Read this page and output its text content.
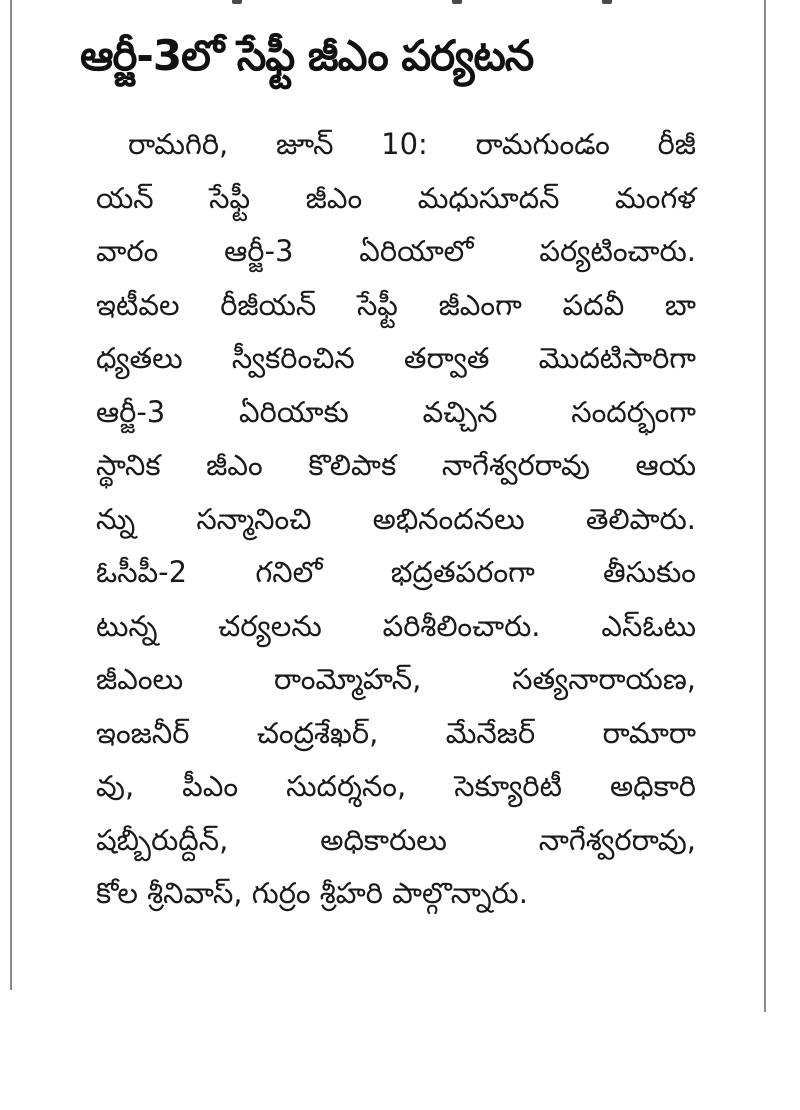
ఆర్జీ-3లో సేఫ్టీ జీఎం పర్యటన
రామగిరి, జూన్ 10: రామగుండం రీజీ
యన్ సేఫ్టీ జీఎం మధుసూదన్ మంగళ
వారం ఆర్జీ-3 ఏరియాలో పర్యటించారు.
ఇటీవల రీజీయన్ సేఫ్టీ జీఎంగా పదవీ బా
ధ్యతలు స్వీకరించిన తర్వాత మొదటిసారిగా
ఆర్జీ-3 ఏరియాకు వచ్చిన సందర్భంగా
స్థానిక జీఎం కొలిపాక నాగేశ్వరరావు ఆయ
న్ను సన్మానించి అభినందనలు తెలిపారు.
ఓసీపీ-2 గనిలో భద్రతపరంగా తీసుకుం
టున్న చర్యలను పరిశీలించారు. ఎస్ఓటు
జీఎంలు రాంమ్మోహన్, సత్యనారాయణ,
ఇంజనీర్ చంద్రశేఖర్, మేనేజర్ రామారా
వు, పీఎం సుదర్శనం, సెక్యూరిటీ అధికారి
షబ్బీరుద్దీన్, అధికారులు నాగేశ్వరరావు,
కోల శ్రీనివాస్, గుర్రం శ్రీహరి పాల్గొన్నారు.
